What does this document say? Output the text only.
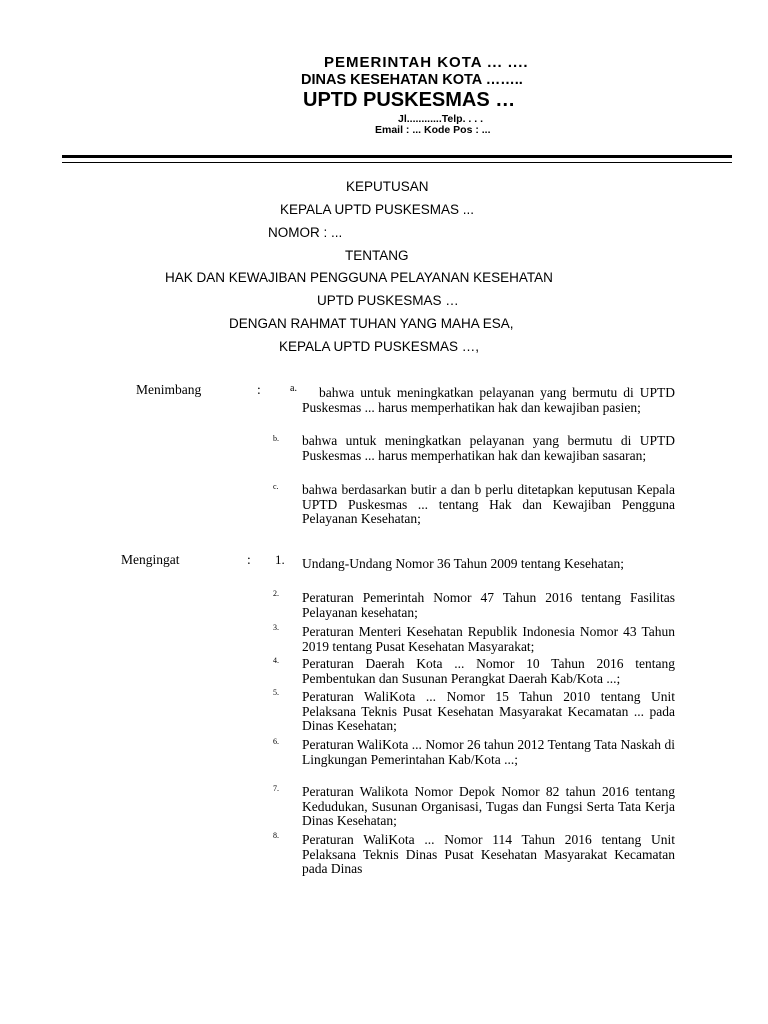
PEMERINTAH KOTA ... ....
DINAS KESEHATAN KOTA ……..
UPTD PUSKESMAS …
Jl............Telp. . . .
Email : ... Kode Pos : ...
KEPUTUSAN
KEPALA UPTD PUSKESMAS ...
NOMOR : ...
TENTANG
HAK DAN KEWAJIBAN PENGGUNA PELAYANAN KESEHATAN
UPTD PUSKESMAS …
DENGAN RAHMAT TUHAN YANG MAHA ESA,
KEPALA UPTD PUSKESMAS …,
Menimbang	:	a.	bahwa untuk meningkatkan pelayanan yang bermutu di UPTD Puskesmas ... harus memperhatikan hak dan kewajiban pasien;
b. bahwa untuk meningkatkan pelayanan yang bermutu di UPTD Puskesmas ... harus memperhatikan hak dan kewajiban sasaran;
c. bahwa berdasarkan butir a dan b perlu ditetapkan keputusan Kepala UPTD Puskesmas ... tentang Hak dan Kewajiban Pengguna Pelayanan Kesehatan;
Mengingat	: 1. Undang-Undang Nomor 36 Tahun 2009 tentang Kesehatan;
2. Peraturan Pemerintah Nomor 47 Tahun 2016 tentang Fasilitas Pelayanan kesehatan;
3. Peraturan Menteri Kesehatan Republik Indonesia Nomor 43 Tahun 2019 tentang Pusat Kesehatan Masyarakat;
4. Peraturan Daerah Kota ... Nomor 10 Tahun 2016 tentang Pembentukan dan Susunan Perangkat Daerah Kab/Kota ...;
5. Peraturan WaliKota ... Nomor 15 Tahun 2010 tentang Unit Pelaksana Teknis Pusat Kesehatan Masyarakat Kecamatan ... pada Dinas Kesehatan;
6. Peraturan WaliKota ... Nomor 26 tahun 2012 Tentang Tata Naskah di Lingkungan Pemerintahan Kab/Kota ...;
7. Peraturan Walikota Nomor Depok Nomor 82 tahun 2016 tentang Kedudukan, Susunan Organisasi, Tugas dan Fungsi Serta Tata Kerja Dinas Kesehatan;
8. Peraturan WaliKota ... Nomor 114 Tahun 2016 tentang Unit Pelaksana Teknis Dinas Pusat Kesehatan Masyarakat Kecamatan pada Dinas
